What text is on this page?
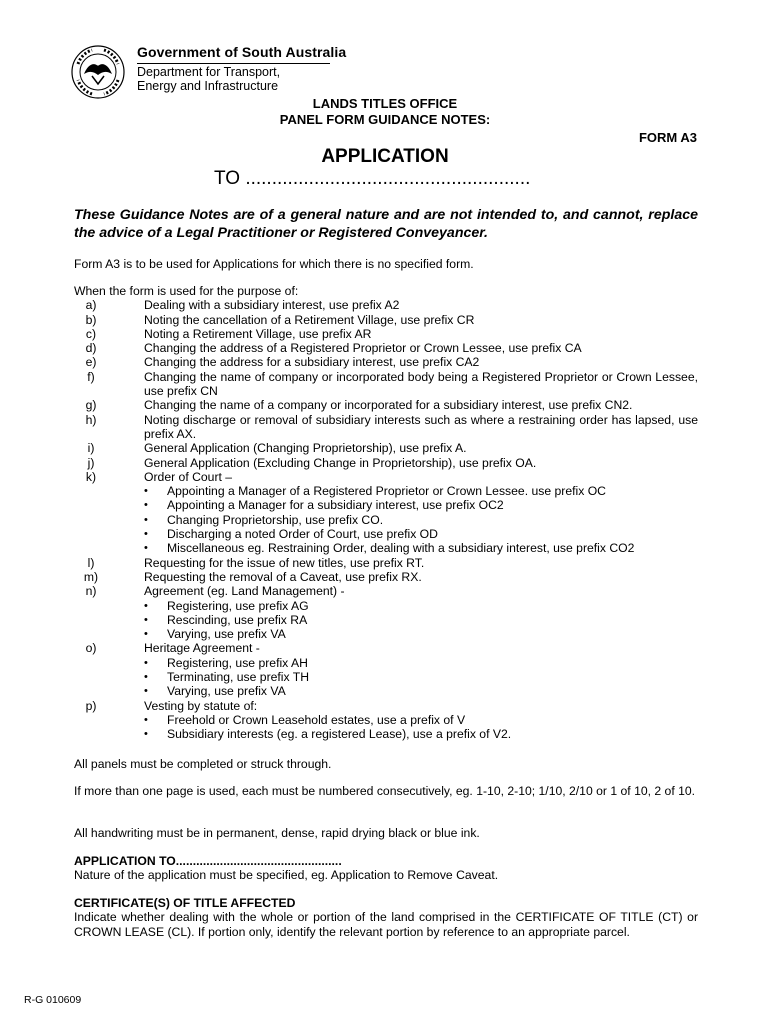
Government of South Australia
Department for Transport,
Energy and Infrastructure
LANDS TITLES OFFICE
PANEL FORM GUIDANCE NOTES:
FORM A3
APPLICATION
TO ......................................................
These Guidance Notes are of a general nature and are not intended to, and cannot, replace the advice of a Legal Practitioner or Registered Conveyancer.
Form A3 is to be used for Applications for which there is no specified form.
When the form is used for the purpose of:
a)	Dealing with a subsidiary interest, use prefix A2
b)	Noting the cancellation of a Retirement Village, use prefix CR
c)	Noting a Retirement Village, use prefix AR
d)	Changing the address of a Registered Proprietor or Crown Lessee, use prefix CA
e)	Changing the address for a subsidiary interest, use prefix CA2
f)	Changing the name of company or incorporated body being a Registered Proprietor or Crown Lessee, use prefix CN
g)	Changing the name of a company or incorporated for a subsidiary interest, use prefix CN2.
h)	Noting discharge or removal of subsidiary interests such as where a restraining order has lapsed, use prefix AX.
i)	General Application (Changing Proprietorship), use prefix A.
j)	General Application (Excluding Change in Proprietorship), use prefix OA.
k)	Order of Court –
•	Appointing a Manager of a Registered Proprietor or Crown Lessee. use prefix OC
•	Appointing a Manager for a subsidiary interest, use prefix OC2
•	Changing Proprietorship, use prefix CO.
•	Discharging a noted Order of Court, use prefix OD
•	Miscellaneous eg. Restraining Order, dealing with a subsidiary interest, use prefix CO2
l)	Requesting for the issue of new titles, use prefix RT.
m)	Requesting the removal of a Caveat, use prefix RX.
n)	Agreement (eg. Land Management) -
•	Registering, use prefix AG
•	Rescinding, use prefix RA
•	Varying, use prefix VA
o)	Heritage Agreement -
•	Registering, use prefix AH
•	Terminating, use prefix TH
•	Varying, use prefix VA
p)	Vesting by statute of:
•	Freehold or Crown Leasehold estates, use a prefix of V
•	Subsidiary interests (eg. a registered Lease), use a prefix of V2.
All panels must be completed or struck through.
If more than one page is used, each must be numbered consecutively, eg. 1-10, 2-10; 1/10, 2/10 or 1 of 10, 2 of 10.
All handwriting must be in permanent, dense, rapid drying black or blue ink.
APPLICATION TO.................................................
Nature of the application must be specified, eg. Application to Remove Caveat.
CERTIFICATE(S) OF TITLE AFFECTED
Indicate whether dealing with the whole or portion of the land comprised in the CERTIFICATE OF TITLE (CT) or CROWN LEASE (CL). If portion only, identify the relevant portion by reference to an appropriate parcel.
R-G 010609
